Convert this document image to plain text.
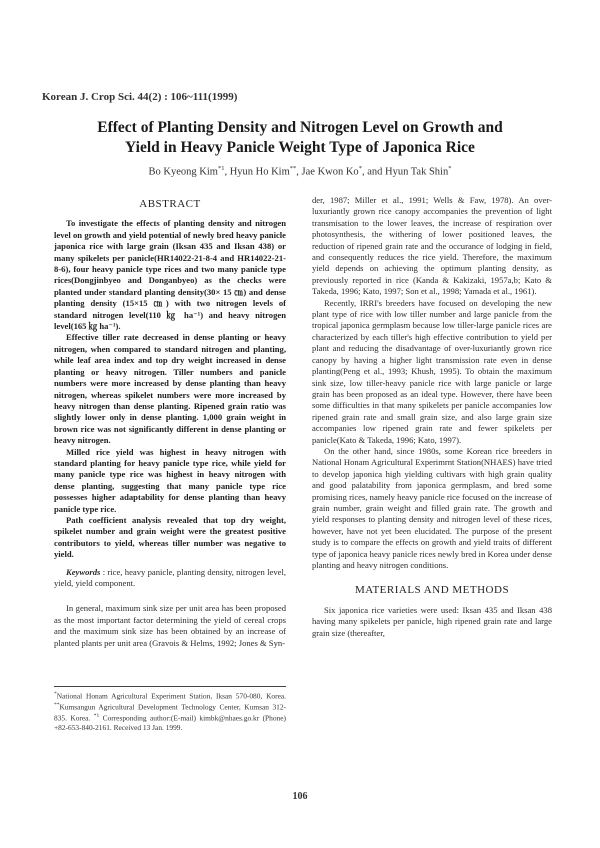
Korean J. Crop Sci. 44(2) : 106~111(1999)
Effect of Planting Density and Nitrogen Level on Growth and
Yield in Heavy Panicle Weight Type of Japonica Rice
Bo Kyeong Kim$^{*1}$, Hyun Ho Kim**, Jae Kwon Ko*, and Hyun Tak Shin*
ABSTRACT

To investigate the effects of planting density and nitrogen level on growth and yield potential of newly bred heavy panicle japonica rice with large grain (Iksan 435 and Iksan 438) or many spikelets per panicle(HR14022-21-8-4 and HR14022-21-8-6), four heavy panicle type rices and two many panicle type rices(Dongjinbyeo and Donganbyeo) as the checks were planted under standard planting density(30× 15 ㎝) and dense planting density (15×15 ㎝) with two nitrogen levels of standard nitrogen level(110 ㎏ ha⁻¹) and heavy nitrogen level(165 ㎏ ha⁻¹).

Effective tiller rate decreased in dense planting or heavy nitrogen, when compared to standard nitrogen and planting, while leaf area index and top dry weight increased in dense planting or heavy nitrogen. Tiller numbers and panicle numbers were more increased by dense planting than heavy nitrogen, whereas spikelet numbers were more increased by heavy nitrogen than dense planting. Ripened grain ratio was slightly lower only in dense planting. 1,000 grain weight in brown rice was not significantly different in dense planting or heavy nitrogen.

Milled rice yield was highest in heavy nitrogen with standard planting for heavy panicle type rice, while yield for many panicle type rice was highest in heavy nitrogen with dense planting, suggesting that many panicle type rice possesses higher adaptability for dense planting than heavy panicle type rice.

Path coefficient analysis revealed that top dry weight, spikelet number and grain weight were the greatest positive contributors to yield, whereas tiller number was negative to yield.

Keywords : rice, heavy panicle, planting density, nitrogen level, yield, yield component.

In general, maximum sink size per unit area has been proposed as the most important factor determining the yield of cereal crops and the maximum sink size has been obtained by an increase of planted plants per unit area (Gravois & Helms, 1992; Jones & Syn-

*National Honam Agricultural Experiment Station, Iksan 570-080, Korea. **Kumsangun Agricultural Development Technology Center, Kumsan 312-835. Korea. $^{*1}$ Corresponding author:(E-mail) kimbk@nhaes.go.kr (Phone) +82-653-840-2161. Received 13 Jan. 1999.

der, 1987; Miller et al., 1991; Wells & Faw, 1978). An over-luxuriantly grown rice canopy accompanies the prevention of light transmisation to the lower leaves, the increase of respiration over photosynthesis, the withering of lower positioned leaves, the reduction of ripened grain rate and the occurance of lodging in field, and consequently reduces the rice yield. Therefore, the maximum yield depends on achieving the optimum planting density, as previously reported in rice (Kanda & Kakizaki, 1957a,b; Kato & Takeda, 1996; Kato, 1997; Son et al., 1998; Yamada et al., 1961).

Recently, IRRI's breeders have focused on developing the new plant type of rice with low tiller number and large panicle from the tropical japonica germplasm because low tiller-large panicle rices are characterized by each tiller's high effective contribution to yield per plant and reducing the disadvantage of over-luxuriantly grown rice canopy by having a higher light transmission rate even in dense planting(Peng et al., 1993; Khush, 1995). To obtain the maximum sink size, low tiller-heavy panicle rice with large panicle or large grain has been proposed as an ideal type. However, there have been some difficulties in that many spikelets per panicle accompanies low ripened grain rate and small grain size, and also large grain size accompanies low ripened grain rate and fewer spikelets per panicle(Kato & Takeda, 1996; Kato, 1997).

On the other hand, since 1980s, some Korean rice breeders in National Honam Agricultural Experimrnt Station(NHAES) have tried to develop japonica high yielding cultivars with high grain quality and good palatability from japonica germplasm, and bred some promising rices, namely heavy panicle rice focused on the increase of grain number, grain weight and filled grain rate. The growth and yield responses to planting density and nitrogen level of these rices, however, have not yet been elucidated. The purpose of the present study is to compare the effects on growth and yield traits of different type of japonica heavy panicle rices newly bred in Korea under dense planting and heavy nitrogen conditions.

MATERIALS AND METHODS

Six japonica rice varieties were used: Iksan 435 and Iksan 438 having many spikelets per panicle, high ripened grain rate and large grain size (thereafter,

106
